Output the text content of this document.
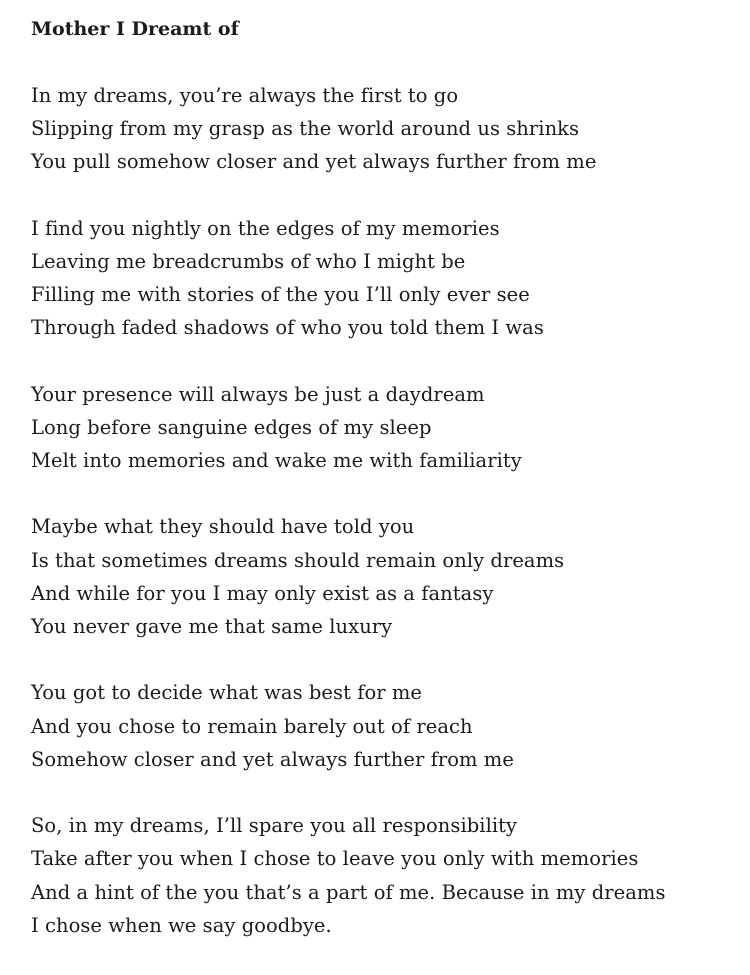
Mother I Dreamt of
In my dreams, you’re always the first to go
Slipping from my grasp as the world around us shrinks
You pull somehow closer and yet always further from me
I find you nightly on the edges of my memories
Leaving me breadcrumbs of who I might be
Filling me with stories of the you I’ll only ever see
Through faded shadows of who you told them I was
Your presence will always be just a daydream
Long before sanguine edges of my sleep
Melt into memories and wake me with familiarity
Maybe what they should have told you
Is that sometimes dreams should remain only dreams
And while for you I may only exist as a fantasy
You never gave me that same luxury
You got to decide what was best for me
And you chose to remain barely out of reach
Somehow closer and yet always further from me
So, in my dreams, I’ll spare you all responsibility
Take after you when I chose to leave you only with memories
And a hint of the you that’s a part of me. Because in my dreams
I chose when we say goodbye.
